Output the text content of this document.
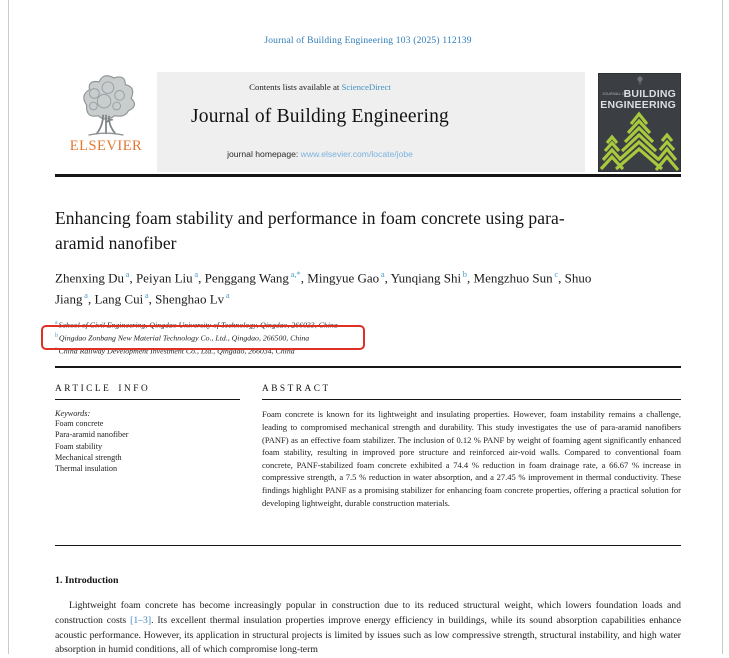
Journal of Building Engineering 103 (2025) 112139
ELSEVIER
Contents lists available at ScienceDirect
Journal of Building Engineering
journal homepage: www.elsevier.com/locate/jobe
JOURNAL OF
BUILDING
ENGINEERING
Enhancing foam stability and performance in foam concrete using para-aramid nanofiber
Zhenxing Du $^a$, Peiyan Liu $^a$, Penggang Wang $^{a,*}$, Mingyue Gao $^a$, Yunqiang Shi $^b$, Mengzhuo Sun $^c$, Shuo Jiang $^a$, Lang Cui $^a$, Shenghao Lv $^a$
$^a$School of Civil Engineering, Qingdao University of Technology, Qingdao, 266033, China
$^b$Qingdao Zonbang New Material Technology Co., Ltd., Qingdao, 266500, China
$^c$China Railway Development Investment Co., Ltd., Qingdao, 266034, China
ARTICLE INFO
Keywords:
Foam concrete
Para-aramid nanofiber
Foam stability
Mechanical strength
Thermal insulation
ABSTRACT
Foam concrete is known for its lightweight and insulating properties. However, foam instability remains a challenge, leading to compromised mechanical strength and durability. This study investigates the use of para-aramid nanofibers (PANF) as an effective foam stabilizer. The inclusion of 0.12 % PANF by weight of foaming agent significantly enhanced foam stability, resulting in improved pore structure and reinforced air-void walls. Compared to conventional foam concrete, PANF-stabilized foam concrete exhibited a 74.4 % reduction in foam drainage rate, a 66.67 % increase in compressive strength, a 7.5 % reduction in water absorption, and a 27.45 % improvement in thermal conductivity. These findings highlight PANF as a promising stabilizer for enhancing foam concrete properties, offering a practical solution for developing lightweight, durable construction materials.
1. Introduction

Lightweight foam concrete has become increasingly popular in construction due to its reduced structural weight, which lowers foundation loads and construction costs [1–3]. Its excellent thermal insulation properties improve energy efficiency in buildings, while its sound absorption capabilities enhance acoustic performance. However, its application in structural projects is limited by issues such as low compressive strength, structural instability, and high water absorption in humid conditions, all of which compromise long-term
